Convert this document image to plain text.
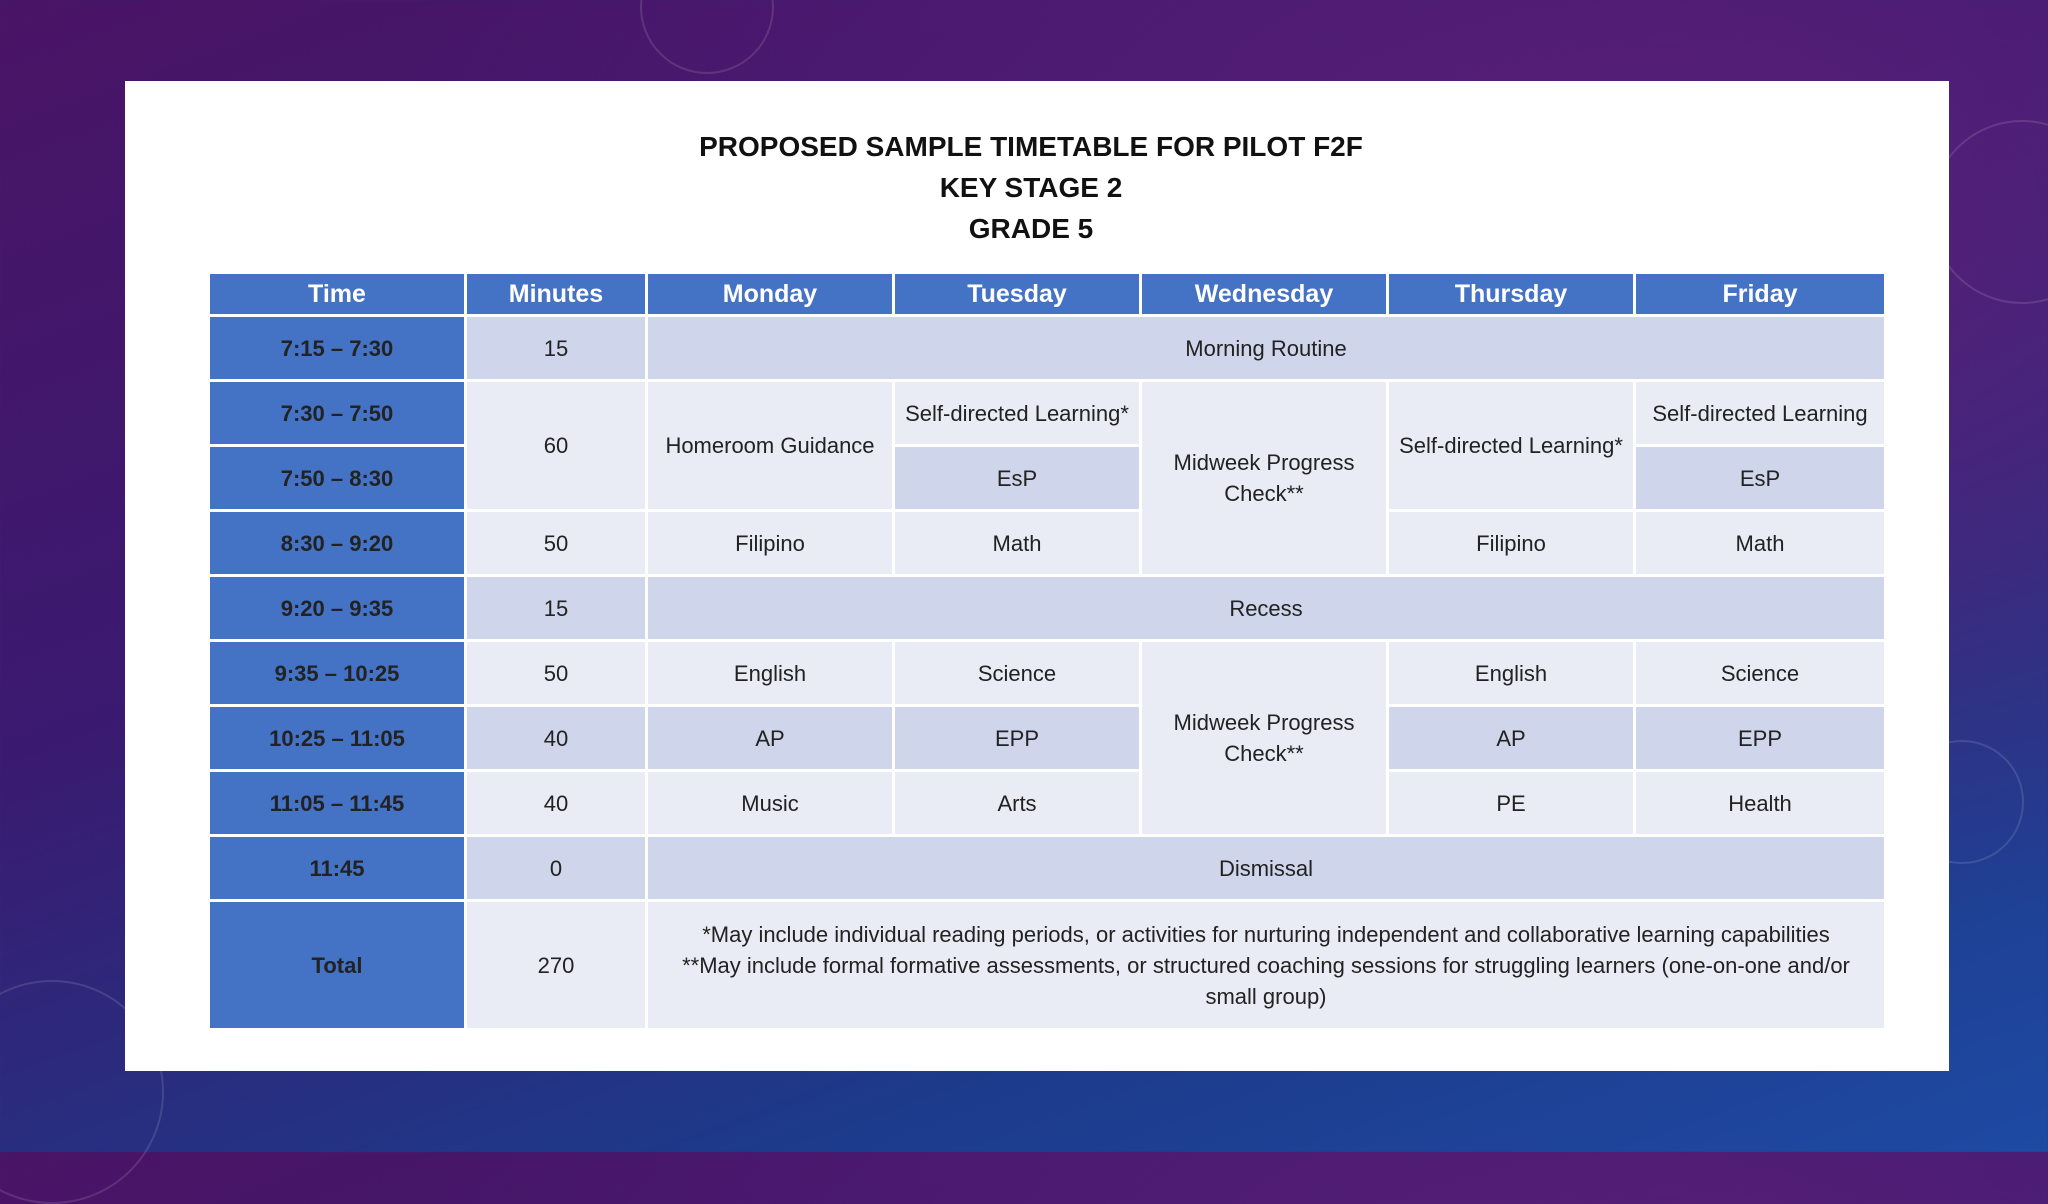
PROPOSED SAMPLE TIMETABLE FOR PILOT F2F
KEY STAGE 2
GRADE 5
Time	Minutes	Monday	Tuesday	Wednesday	Thursday	Friday
7:15 – 7:30	15	Morning Routine				
7:30 – 7:50	60	Homeroom Guidance	Self-directed Learning*	Midweek Progress Check**	Self-directed Learning*	Self-directed Learning
7:50 – 8:30			EsP			EsP
8:30 – 9:20	50	Filipino	Math		Filipino	Math
9:20 – 9:35	15	Recess				
9:35 – 10:25	50	English	Science	Midweek Progress Check**	English	Science
10:25 – 11:05	40	AP	EPP		AP	EPP
11:05 – 11:45	40	Music	Arts		PE	Health
11:45	0	Dismissal				
Total	270	*May include individual reading periods, or activities for nurturing independent and collaborative learning capabilities
**May include formal formative assessments, or structured coaching sessions for struggling learners (one-on-one and/or small group)				
